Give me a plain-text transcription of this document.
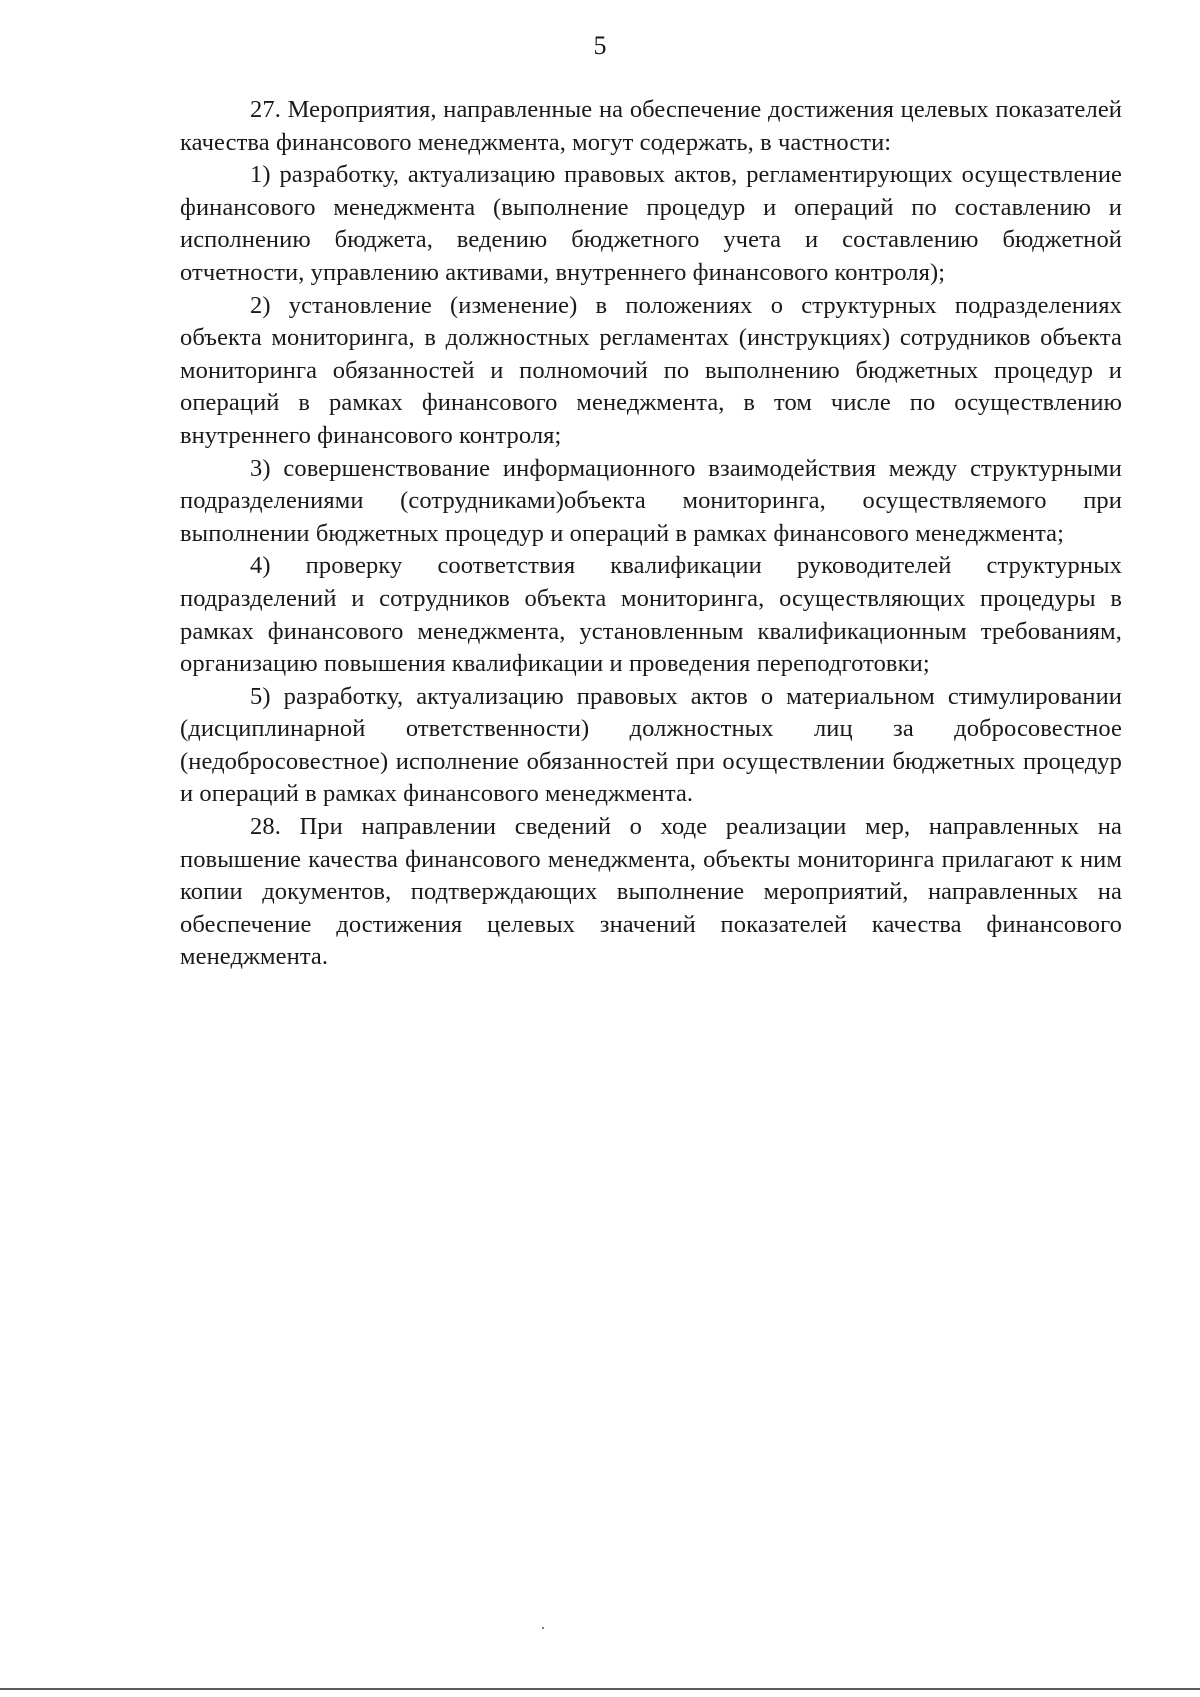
5

27. Мероприятия, направленные на обеспечение достижения целевых показателей качества финансового менеджмента, могут содержать, в частности:

1) разработку, актуализацию правовых актов, регламентирующих осуществление финансового менеджмента (выполнение процедур и операций по составлению и исполнению бюджета, ведению бюджетного учета и составлению бюджетной отчетности, управлению активами, внутреннего финансового контроля);

2) установление (изменение) в положениях о структурных подразделениях объекта мониторинга, в должностных регламентах (инструкциях) сотрудников объекта мониторинга обязанностей и полномочий по выполнению бюджетных процедур и операций в рамках финансового менеджмента, в том числе по осуществлению внутреннего финансового контроля;

3) совершенствование информационного взаимодействия между структурными подразделениями (сотрудниками)объекта мониторинга, осуществляемого при выполнении бюджетных процедур и операций в рамках финансового менеджмента;

4) проверку соответствия квалификации руководителей структурных подразделений и сотрудников объекта мониторинга, осуществляющих процедуры в рамках финансового менеджмента, установленным квалификационным требованиям, организацию повышения квалификации и проведения переподготовки;

5) разработку, актуализацию правовых актов о материальном стимулировании (дисциплинарной ответственности) должностных лиц за добросовестное (недобросовестное) исполнение обязанностей при осуществлении бюджетных процедур и операций в рамках финансового менеджмента.

28. При направлении сведений о ходе реализации мер, направленных на повышение качества финансового менеджмента, объекты мониторинга прилагают к ним копии документов, подтверждающих выполнение мероприятий, направленных на обеспечение достижения целевых значений показателей качества финансового менеджмента.
